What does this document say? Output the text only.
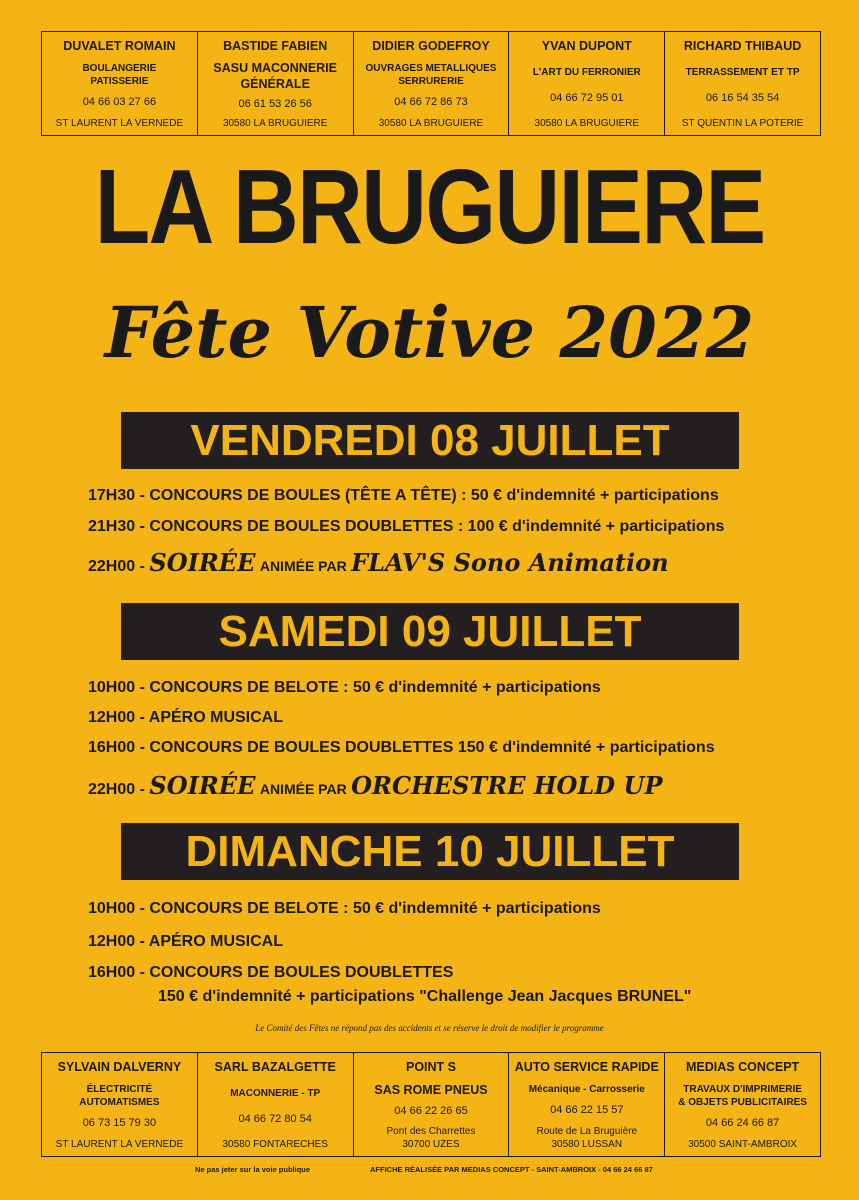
DUVALET ROMAIN
BOULANGERIE
PATISSERIE
04 66 03 27 66
ST LAURENT LA VERNEDE
BASTIDE FABIEN
SASU MACONNERIE
GÉNÉRALE
06 61 53 26 56
30580 LA BRUGUIERE
DIDIER GODEFROY
OUVRAGES METALLIQUES
SERRURERIE
04 66 72 86 73
30580 LA BRUGUIERE
YVAN DUPONT
L'ART DU FERRONIER
04 66 72 95 01
30580 LA BRUGUIERE
RICHARD THIBAUD
TERRASSEMENT ET TP
06 16 54 35 54
ST QUENTIN LA POTERIE
LA BRUGUIERE
Fête Votive 2022
VENDREDI 08 JUILLET
17H30 - CONCOURS DE BOULES (TÊTE A TÊTE) : 50 € d'indemnité + participations
21H30 - CONCOURS DE BOULES DOUBLETTES : 100 € d'indemnité + participations
22H00 - SOIRÉE ANIMÉE PAR FLAV'S Sono Animation
SAMEDI 09 JUILLET
10H00 - CONCOURS DE BELOTE : 50 € d'indemnité + participations
12H00 - APÉRO MUSICAL
16H00 - CONCOURS DE BOULES DOUBLETTES 150 € d'indemnité + participations
22H00 - SOIRÉE ANIMÉE PAR ORCHESTRE HOLD UP
DIMANCHE 10 JUILLET
10H00 - CONCOURS DE BELOTE : 50 € d'indemnité + participations
12H00 - APÉRO MUSICAL
16H00 - CONCOURS DE BOULES DOUBLETTES
150 € d'indemnité + participations "Challenge Jean Jacques BRUNEL"
Le Comité des Fêtes ne répond pas des accidents et se réserve le droit de modifier le programme
SYLVAIN DALVERNY
ÉLECTRICITÉ
AUTOMATISMES
06 73 15 79 30
ST LAURENT LA VERNEDE
SARL BAZALGETTE
MACONNERIE - TP
04 66 72 80 54
30580 FONTARECHES
POINT S
SAS ROME PNEUS
04 66 22 26 65
Pont des Charrettes
30700 UZES
AUTO SERVICE RAPIDE
Mécanique - Carrosserie
04 66 22 15 57
Route de La Bruguière
30580 LUSSAN
MEDIAS CONCEPT
TRAVAUX D'IMPRIMERIE
& OBJETS PUBLICITAIRES
04 66 24 66 87
30500 SAINT-AMBROIX
Ne pas jeter sur la voie publique	AFFICHE RÉALISÉE PAR MEDIAS CONCEPT - SAINT-AMBROIX - 04 66 24 66 87
